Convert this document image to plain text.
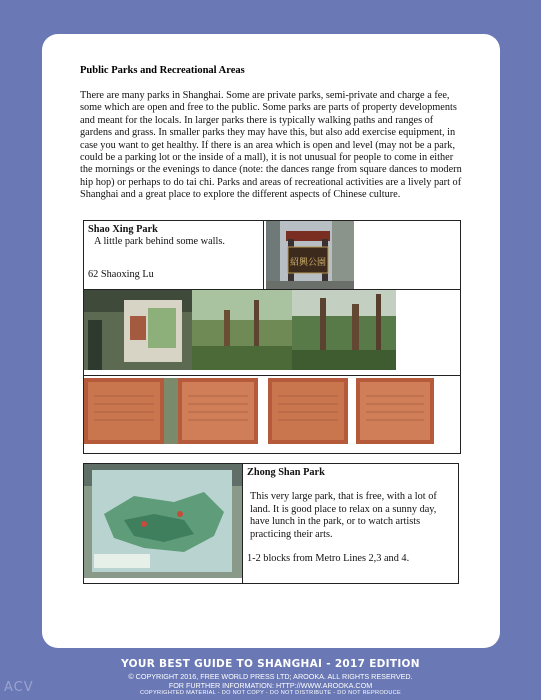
Public Parks and Recreational Areas

There are many parks in Shanghai. Some are private parks, semi-private and charge a fee, some which are open and free to the public. Some parks are parts of property developments and meant for the locals. In larger parks there is typically walking paths and ranges of gardens and grass. In smaller parks they may have this, but also add exercise equipment, in case you want to get healthy. If there is an area which is open and level (may not be a park, could be a parking lot or the inside of a mall), it is not unusual for people to come in either the mornings or the evenings to dance (note: the dances range from square dances to modern hip hop) or perhaps to do tai chi. Parks and areas of recreational activities are a lively part of Shanghai and a great place to explore the different aspects of Chinese culture.

Shao Xing Park
A little park behind some walls.
62 Shaoxing Lu

紹興公園

Zhong Shan Park
This very large park, that is free, with a lot of land. It is good place to relax on a sunny day, have lunch in the park, or to watch artists practicing their arts.
1-2 blocks from Metro Lines 2,3 and 4.
YOUR BEST GUIDE TO SHANGHAI - 2017 EDITION
© COPYRIGHT 2016, FREE WORLD PRESS LTD; AROOKA. ALL RIGHTS RESERVED.
FOR FURTHER INFORMATION: HTTP://WWW.AROOKA.COM
COPYRIGHTED MATERIAL - DO NOT COPY - DO NOT DISTRIBUTE - DO NOT REPRODUCE
ACV
